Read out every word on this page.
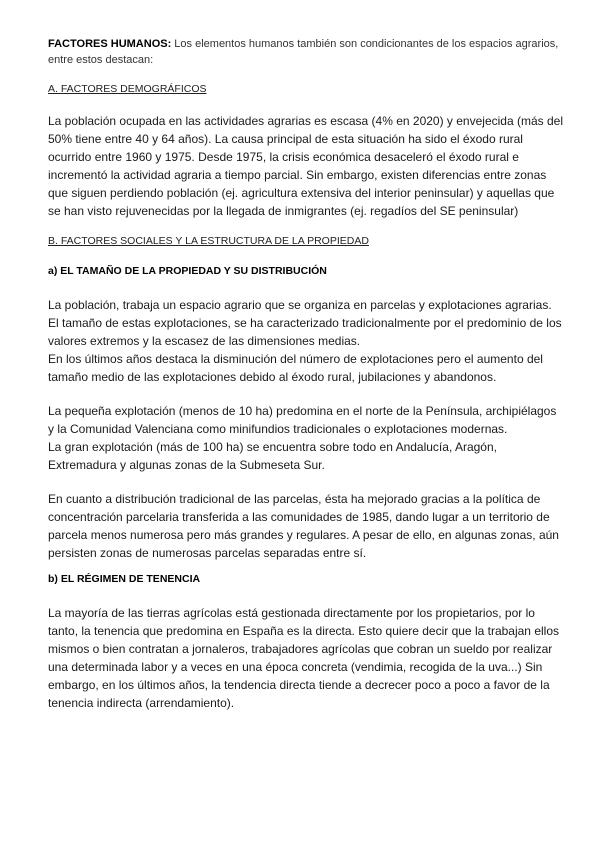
FACTORES HUMANOS: Los elementos humanos también son condicionantes de los espacios agrarios, entre estos destacan:

A. FACTORES DEMOGRÁFICOS

La población ocupada en las actividades agrarias es escasa (4% en 2020) y envejecida (más del 50% tiene entre 40 y 64 años). La causa principal de esta situación ha sido el éxodo rural ocurrido entre 1960 y 1975. Desde 1975, la crisis económica desaceleró el éxodo rural e incrementó la actividad agraria a tiempo parcial. Sin embargo, existen diferencias entre zonas que siguen perdiendo población (ej. agricultura extensiva del interior peninsular) y aquellas que se han visto rejuvenecidas por la llegada de inmigrantes (ej. regadíos del SE peninsular)

B. FACTORES SOCIALES Y LA ESTRUCTURA DE LA PROPIEDAD
a) EL TAMAÑO DE LA PROPIEDAD Y SU DISTRIBUCIÓN

La población, trabaja un espacio agrario que se organiza en parcelas y explotaciones agrarias. El tamaño de estas explotaciones, se ha caracterizado tradicionalmente por el predominio de los valores extremos y la escasez de las dimensiones medias.

En los últimos años destaca la disminución del número de explotaciones pero el aumento del tamaño medio de las explotaciones debido al éxodo rural, jubilaciones y abandonos.

La pequeña explotación (menos de 10 ha) predomina en el norte de la Península, archipiélagos y la Comunidad Valenciana como minifundios tradicionales o explotaciones modernas.

La gran explotación (más de 100 ha) se encuentra sobre todo en Andalucía, Aragón, Extremadura y algunas zonas de la Submeseta Sur.

En cuanto a distribución tradicional de las parcelas, ésta ha mejorado gracias a la política de concentración parcelaria transferida a las comunidades de 1985, dando lugar a un territorio de parcela menos numerosa pero más grandes y regulares. A pesar de ello, en algunas zonas, aún persisten zonas de numerosas parcelas separadas entre sí.

b) EL RÉGIMEN DE TENENCIA

La mayoría de las tierras agrícolas está gestionada directamente por los propietarios, por lo tanto, la tenencia que predomina en España es la directa. Esto quiere decir que la trabajan ellos mismos o bien contratan a jornaleros, trabajadores agrícolas que cobran un sueldo por realizar una determinada labor y a veces en una época concreta (vendimia, recogida de la uva...) Sin embargo, en los últimos años, la tendencia directa tiende a decrecer poco a poco a favor de la tenencia indirecta (arrendamiento).
